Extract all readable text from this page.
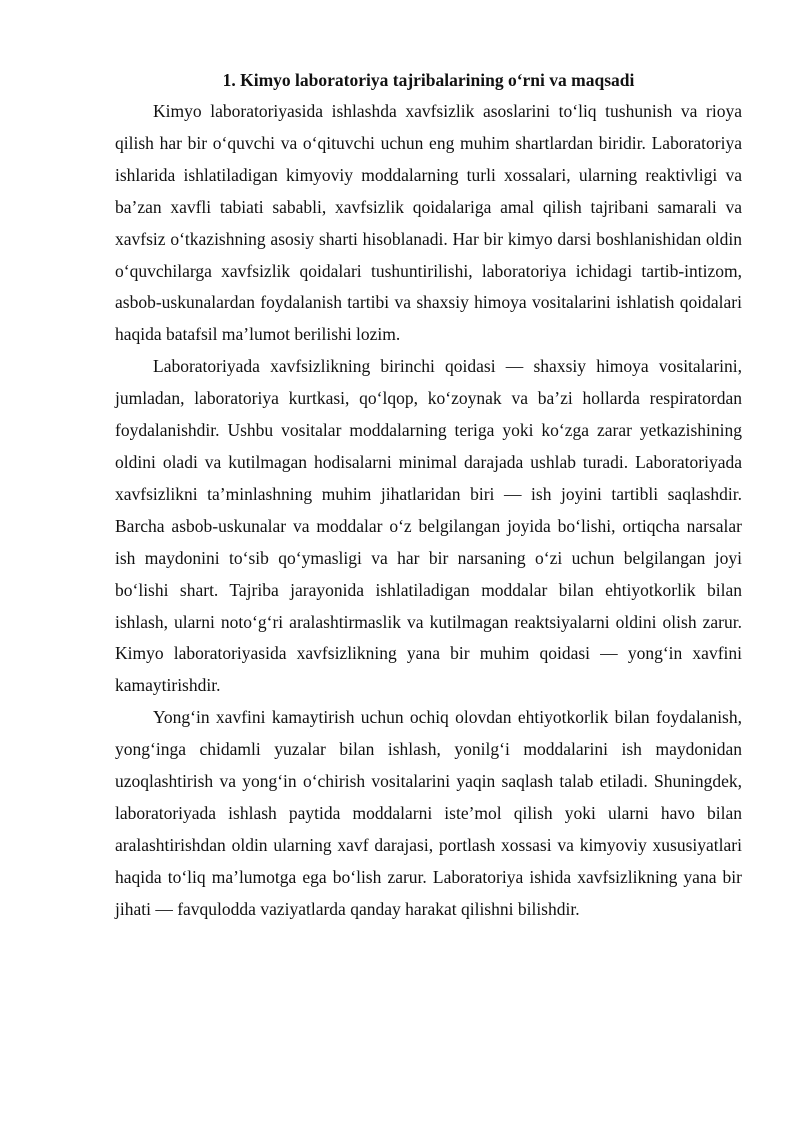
1. Kimyo laboratoriya tajribalarining o‘rni va maqsadi

Kimyo laboratoriyasida ishlashda xavfsizlik asoslarini to‘liq tushunish va rioya qilish har bir o‘quvchi va o‘qituvchi uchun eng muhim shartlardan biridir. Laboratoriya ishlarida ishlatiladigan kimyoviy moddalarning turli xossalari, ularning reaktivligi va ba’zan xavfli tabiati sababli, xavfsizlik qoidalariga amal qilish tajribani samarali va xavfsiz o‘tkazishning asosiy sharti hisoblanadi. Har bir kimyo darsi boshlanishidan oldin o‘quvchilarga xavfsizlik qoidalari tushuntirilishi, laboratoriya ichidagi tartib-intizom, asbob-uskunalardan foydalanish tartibi va shaxsiy himoya vositalarini ishlatish qoidalari haqida batafsil ma’lumot berilishi lozim.

Laboratoriyada xavfsizlikning birinchi qoidasi — shaxsiy himoya vositalarini, jumladan, laboratoriya kurtkasi, qo‘lqop, ko‘zoynak va ba’zi hollarda respiratordan foydalanishdir. Ushbu vositalar moddalarning teriga yoki ko‘zga zarar yetkazishining oldini oladi va kutilmagan hodisalarni minimal darajada ushlab turadi. Laboratoriyada xavfsizlikni ta’minlashning muhim jihatlaridan biri — ish joyini tartibli saqlashdir. Barcha asbob-uskunalar va moddalar o‘z belgilangan joyida bo‘lishi, ortiqcha narsalar ish maydonini to‘sib qo‘ymasligi va har bir narsaning o‘zi uchun belgilangan joyi bo‘lishi shart. Tajriba jarayonida ishlatiladigan moddalar bilan ehtiyotkorlik bilan ishlash, ularni noto‘g‘ri aralashtirmaslik va kutilmagan reaktsiyalarni oldini olish zarur. Kimyo laboratoriyasida xavfsizlikning yana bir muhim qoidasi — yong‘in xavfini kamaytirishdir.

Yong‘in xavfini kamaytirish uchun ochiq olovdan ehtiyotkorlik bilan foydalanish, yong‘inga chidamli yuzalar bilan ishlash, yonilg‘i moddalarini ish maydonidan uzoqlashtirish va yong‘in o‘chirish vositalarini yaqin saqlash talab etiladi. Shuningdek, laboratoriyada ishlash paytida moddalarni iste’mol qilish yoki ularni havo bilan aralashtirishdan oldin ularning xavf darajasi, portlash xossasi va kimyoviy xususiyatlari haqida to‘liq ma’lumotga ega bo‘lish zarur. Laboratoriya ishida xavfsizlikning yana bir jihati — favqulodda vaziyatlarda qanday harakat qilishni bilishdir.
